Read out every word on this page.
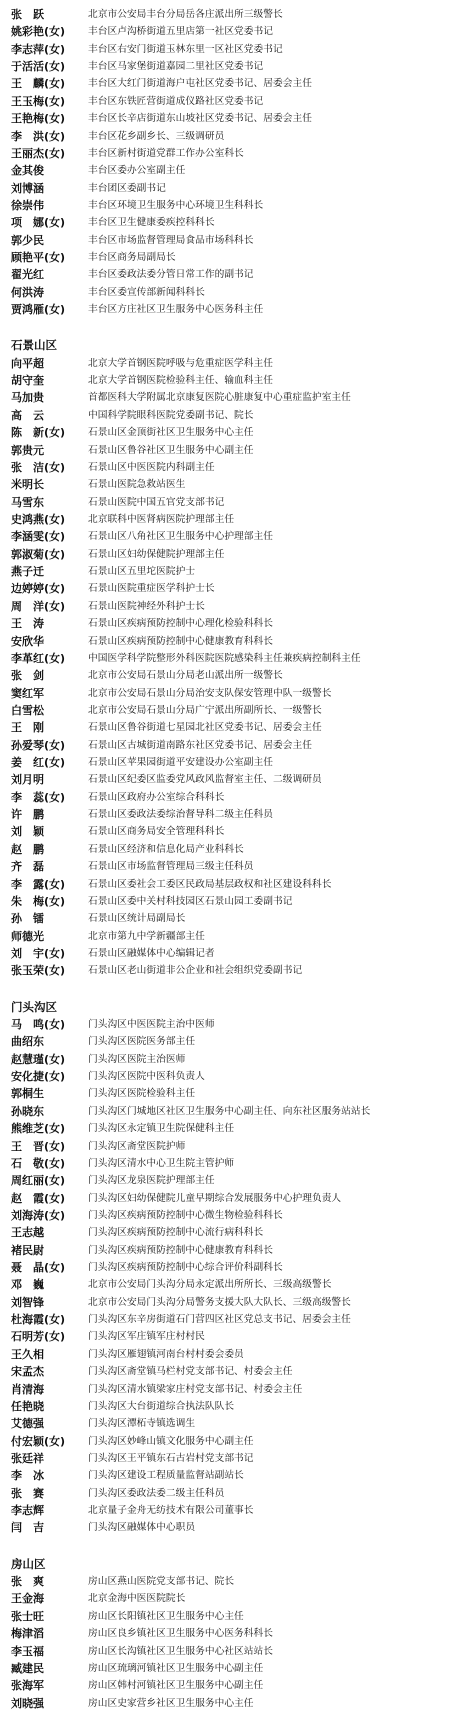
张　跃	北京市公安局丰台分局岳各庄派出所三级警长
姚彩艳(女) 丰台区卢沟桥街道五里店第一社区党委书记
李志萍(女) 丰台区右安门街道玉林东里一区社区党委书记
于活活(女) 丰台区马家堡街道嘉园二里社区党委书记
王　麟(女) 丰台区大红门街道海户屯社区党委书记、居委会主任
王玉梅(女) 丰台区东铁匠营街道成仪路社区党委书记
王艳梅(女) 丰台区长辛店街道东山坡社区党委书记、居委会主任
李　洪(女) 丰台区花乡副乡长、三级调研员
王丽杰(女) 丰台区新村街道党群工作办公室科长
金其俊	丰台区委办公室副主任
刘博涵	丰台团区委副书记
徐崇伟	丰台区环境卫生服务中心环境卫生科科长
项　娜(女) 丰台区卫生健康委疾控科科长
郭少民	丰台区市场监督管理局食品市场科科长
顾艳平(女) 丰台区商务局副局长
翟光红	丰台区委政法委分管日常工作的副书记
何洪涛	丰台区委宣传部新闻科科长
贾鸿雁(女) 丰台区方庄社区卫生服务中心医务科主任
石景山区
向平超	北京大学首钢医院呼吸与危重症医学科主任
胡守奎	北京大学首钢医院检验科主任、输血科主任
马加贵	首都医科大学附属北京康复医院心脏康复中心重症监护室主任
高　云	中国科学院眼科医院党委副书记、院长
陈　新(女) 石景山区金顶街社区卫生服务中心主任
郭贵元	石景山区鲁谷社区卫生服务中心副主任
张　洁(女) 石景山区中医医院内科副主任
米明长	石景山医院急救站医生
马雪东	石景山医院中国五官党支部书记
史鸿燕(女) 北京联科中医肾病医院护理部主任
李涵雯(女) 石景山区八角社区卫生服务中心护理部主任
郭淑菊(女) 石景山区妇幼保健院护理部主任
燕子迁	石景山区五里坨医院护士
边婷婷(女) 石景山医院重症医学科护士长
周　洋(女) 石景山医院神经外科护士长
王　涛	石景山区疾病预防控制中心理化检验科科长
安欣华	石景山区疾病预防控制中心健康教育科科长
李革红(女) 中国医学科学院整形外科医院医院感染科主任兼疾病控制科主任
张　剑	北京市公安局石景山分局老山派出所一级警长
窦红军	北京市公安局石景山分局治安支队保安管理中队一级警长
白雪松	北京市公安局石景山分局广宁派出所副所长、一级警长
王　刚	石景山区鲁谷街道七星园北社区党委书记、居委会主任
孙爱琴(女) 石景山区古城街道南路东社区党委书记、居委会主任
姜　红(女) 石景山区苹果园街道平安建设办公室副主任
刘月明	石景山区纪委区监委党风政风监督室主任、二级调研员
李　蕊(女) 石景山区政府办公室综合科科长
许　鹏	石景山区委政法委综治督导科二级主任科员
刘　颖	石景山区商务局安全管理科科长
赵　鹏	石景山区经济和信息化局产业科科长
齐　磊	石景山区市场监督管理局三级主任科员
李　露(女) 石景山区委社会工委区民政局基层政权和社区建设科科长
朱　梅(女) 石景山区委中关村科技园区石景山园工委副书记
孙　镭	石景山区统计局副局长
师德光	北京市第九中学新疆部主任
刘　宇(女) 石景山区融媒体中心编辑记者
张玉荣(女) 石景山区老山街道非公企业和社会组织党委副书记
门头沟区
马　鸣(女) 门头沟区中医医院主治中医师
曲绍东	门头沟区医院医务部主任
赵慧瑾(女) 门头沟区医院主治医师
安化捷(女) 门头沟区医院中医科负责人
郭桐生	门头沟区医院检验科主任
孙晓东	门头沟区门城地区社区卫生服务中心副主任、向东社区服务站站长
熊维芝(女) 门头沟区永定镇卫生院保健科主任
王　晋(女) 门头沟区斋堂医院护师
石　敬(女) 门头沟区清水中心卫生院主管护师
周红丽(女) 门头沟区龙泉医院护理部主任
赵　霞(女) 门头沟区妇幼保健院儿童早期综合发展服务中心护理负责人
刘海涛(女) 门头沟区疾病预防控制中心微生物检验科科长
王志越	门头沟区疾病预防控制中心流行病科科长
褚民尉	门头沟区疾病预防控制中心健康教育科科长
聂　晶(女) 门头沟区疾病预防控制中心综合评价科副科长
邓　巍	北京市公安局门头沟分局永定派出所所长、三级高级警长
刘智锋	北京市公安局门头沟分局警务支援大队大队长、三级高级警长
杜海霞(女) 门头沟区东辛房街道石门营四区社区党总支书记、居委会主任
石明芳(女) 门头沟区军庄镇军庄村村民
王久相	门头沟区雁翅镇河南台村村委会委员
宋孟杰	门头沟区斋堂镇马栏村党支部书记、村委会主任
肖清海	门头沟区清水镇梁家庄村党支部书记、村委会主任
任艳晓	门头沟区大台街道综合执法队队长
艾德强	门头沟区潭柘寺镇选调生
付宏颖(女) 门头沟区妙峰山镇文化服务中心副主任
张廷祥	门头沟区王平镇东石古岩村党支部书记
李　冰	门头沟区建设工程质量监督站副站长
张　赛	门头沟区委政法委二级主任科员
李志辉	北京量子金舟无纺技术有限公司董事长
闫　吉	门头沟区融媒体中心职员
房山区
张　爽	房山区燕山医院党支部书记、院长
王金海	北京金海中医医院院长
张士旺	房山区长阳镇社区卫生服务中心主任
梅津滔	房山区良乡镇社区卫生服务中心医务科科长
李玉福	房山区长沟镇社区卫生服务中心社区站站长
臧建民	房山区琉璃河镇社区卫生服务中心副主任
张海军	房山区韩村河镇社区卫生服务中心副主任
刘晓强	房山区史家营乡社区卫生服务中心主任
